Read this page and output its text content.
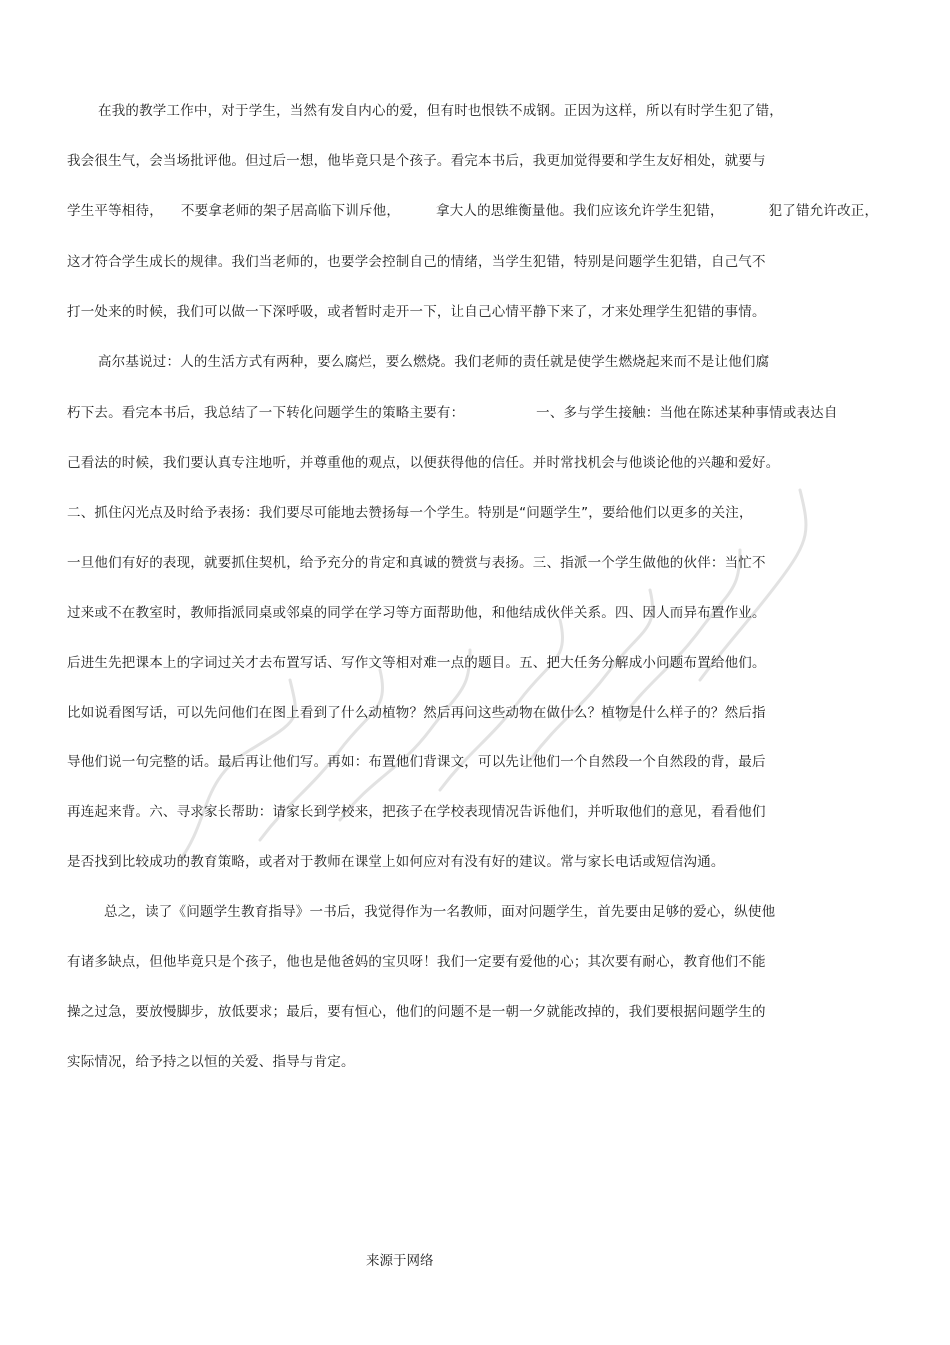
在我的教学工作中，对于学生，当然有发自内心的爱，但有时也恨铁不成钢。正因为这样，所以有时学生犯了错，
我会很生气，会当场批评他。但过后一想，他毕竟只是个孩子。看完本书后，我更加觉得要和学生友好相处，就要与
学生平等相待，    不要拿老师的架子居高临下训斥他，        拿大人的思维衡量他。我们应该允许学生犯错，          犯了错允许改正，
这才符合学生成长的规律。我们当老师的，也要学会控制自己的情绪，当学生犯错，特别是问题学生犯错，自己气不
打一处来的时候，我们可以做一下深呼吸，或者暂时走开一下，让自己心情平静下来了，才来处理学生犯错的事情。
高尔基说过：人的生活方式有两种，要么腐烂，要么燃烧。我们老师的责任就是使学生燃烧起来而不是让他们腐
朽下去。看完本书后，我总结了一下转化问题学生的策略主要有：                一、多与学生接触：当他在陈述某种事情或表达自
己看法的时候，我们要认真专注地听，并尊重他的观点，以便获得他的信任。并时常找机会与他谈论他的兴趣和爱好。
二、抓住闪光点及时给予表扬：我们要尽可能地去赞扬每一个学生。特别是“问题学生”，要给他们以更多的关注，
一旦他们有好的表现，就要抓住契机，给予充分的肯定和真诚的赞赏与表扬。三、指派一个学生做他的伙伴：当忙不
过来或不在教室时，教师指派同桌或邻桌的同学在学习等方面帮助他，和他结成伙伴关系。四、因人而异布置作业。
后进生先把课本上的字词过关才去布置写话、写作文等相对难一点的题目。五、把大任务分解成小问题布置给他们。
比如说看图写话，可以先问他们在图上看到了什么动植物？然后再问这些动物在做什么？植物是什么样子的？然后指
导他们说一句完整的话。最后再让他们写。再如：布置他们背课文，可以先让他们一个自然段一个自然段的背，最后
再连起来背。六、寻求家长帮助：请家长到学校来，把孩子在学校表现情况告诉他们，并听取他们的意见，看看他们
是否找到比较成功的教育策略，或者对于教师在课堂上如何应对有没有好的建议。常与家长电话或短信沟通。
总之，读了《问题学生教育指导》一书后，我觉得作为一名教师，面对问题学生，首先要由足够的爱心，纵使他
有诸多缺点，但他毕竟只是个孩子，他也是他爸妈的宝贝呀！我们一定要有爱他的心；其次要有耐心，教育他们不能
操之过急，要放慢脚步，放低要求；最后，要有恒心，他们的问题不是一朝一夕就能改掉的，我们要根据问题学生的
实际情况，给予持之以恒的关爱、指导与肯定。
来源于网络
